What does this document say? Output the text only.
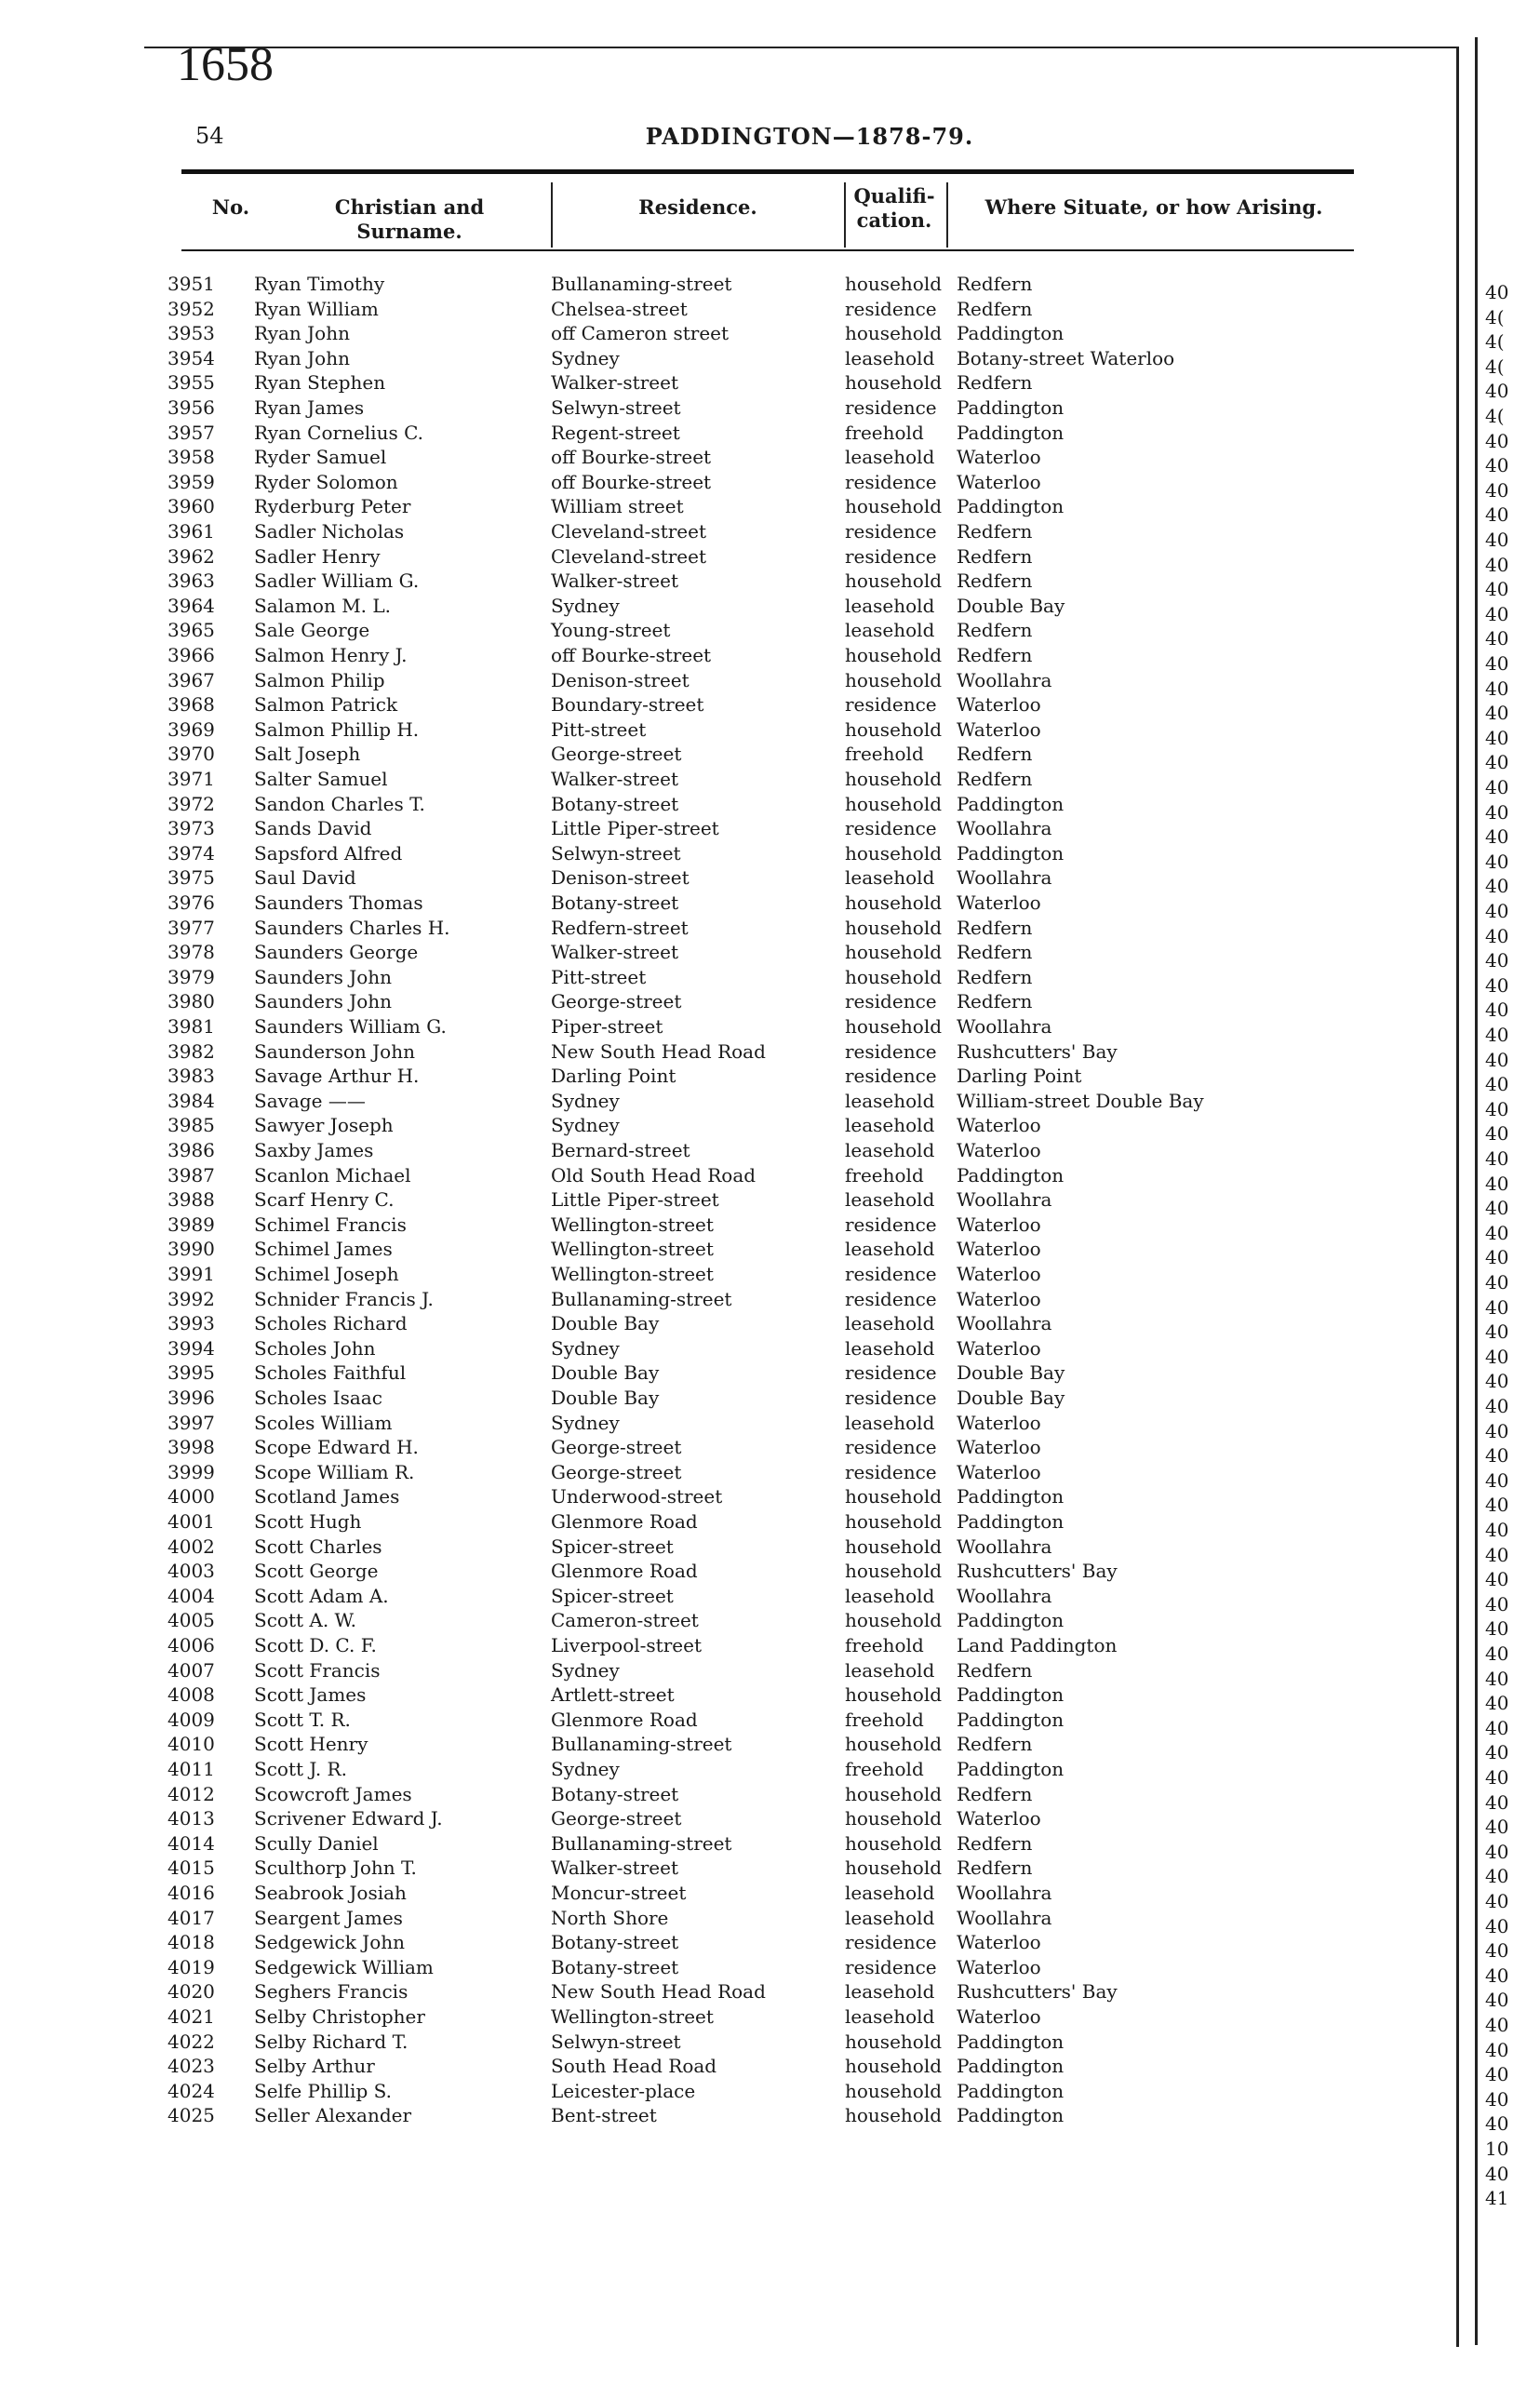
1658
40
4(
4(
4(
40
4(
40
40
40
40
40
40
40
40
40
40
40
40
40
40
40
40
40
40
40
40
40
40
40
40
40
40
40
40
40
40
40
40
40
40
40
40
40
40
40
40
40
40
40
40
40
40
40
40
40
40
40
40
40
40
40
40
40
40
40
40
40
40
40
40
40
40
40
40
40
10
40
41
54	PADDINGTON—1878-79.
No.	Christian and Surname.
Residence.	Qualifi-cation.
Where Situate, or how Arising.
3951 Ryan Timothy	Bullanaming-street	household Redfern
3952 Ryan William	Chelsea-street	residence Redfern
3953 Ryan John	off Cameron street	household Paddington
3954 Ryan John	Sydney	leasehold Botany-street Waterloo
3955 Ryan Stephen	Walker-street	household Redfern
3956 Ryan James	Selwyn-street	residence Paddington
3957 Ryan Cornelius C.	Regent-street	freehold Paddington
3958 Ryder Samuel	off Bourke-street	leasehold Waterloo
3959 Ryder Solomon	off Bourke-street	residence Waterloo
3960 Ryderburg Peter	William street	household Paddington
3961 Sadler Nicholas	Cleveland-street	residence Redfern
3962 Sadler Henry	Cleveland-street	residence Redfern
3963 Sadler William G.	Walker-street	household Redfern
3964 Salamon M. L.	Sydney	leasehold Double Bay
3965 Sale George	Young-street	leasehold Redfern
3966 Salmon Henry J.	off Bourke-street	household Redfern
3967 Salmon Philip	Denison-street	household Woollahra
3968 Salmon Patrick	Boundary-street	residence Waterloo
3969 Salmon Phillip H.	Pitt-street	household Waterloo
3970 Salt Joseph	George-street	freehold Redfern
3971 Salter Samuel	Walker-street	household Redfern
3972 Sandon Charles T.	Botany-street	household Paddington
3973 Sands David	Little Piper-street	residence Woollahra
3974 Sapsford Alfred	Selwyn-street	household Paddington
3975 Saul David	Denison-street	leasehold Woollahra
3976 Saunders Thomas	Botany-street	household Waterloo
3977 Saunders Charles H.	Redfern-street	household Redfern
3978 Saunders George	Walker-street	household Redfern
3979 Saunders John	Pitt-street	household Redfern
3980 Saunders John	George-street	residence Redfern
3981 Saunders William G.	Piper-street	household Woollahra
3982 Saunderson John	New South Head Road	residence Rushcutters' Bay
3983 Savage Arthur H.	Darling Point	residence Darling Point
3984 Savage ——	Sydney	leasehold William-street Double Bay
3985 Sawyer Joseph	Sydney	leasehold Waterloo
3986 Saxby James	Bernard-street	leasehold Waterloo
3987 Scanlon Michael	Old South Head Road	freehold Paddington
3988 Scarf Henry C.	Little Piper-street	leasehold Woollahra
3989 Schimel Francis	Wellington-street	residence Waterloo
3990 Schimel James	Wellington-street	leasehold Waterloo
3991 Schimel Joseph	Wellington-street	residence Waterloo
3992 Schnider Francis J.	Bullanaming-street	residence Waterloo
3993 Scholes Richard	Double Bay	leasehold Woollahra
3994 Scholes John	Sydney	leasehold Waterloo
3995 Scholes Faithful	Double Bay	residence Double Bay
3996 Scholes Isaac	Double Bay	residence Double Bay
3997 Scoles William	Sydney	leasehold Waterloo
3998 Scope Edward H.	George-street	residence Waterloo
3999 Scope William R.	George-street	residence Waterloo
4000 Scotland James	Underwood-street	household Paddington
4001 Scott Hugh	Glenmore Road	household Paddington
4002 Scott Charles	Spicer-street	household Woollahra
4003 Scott George	Glenmore Road	household Rushcutters' Bay
4004 Scott Adam A.	Spicer-street	leasehold Woollahra
4005 Scott A. W.	Cameron-street	household Paddington
4006 Scott D. C. F.	Liverpool-street	freehold Land Paddington
4007 Scott Francis	Sydney	leasehold Redfern
4008 Scott James	Artlett-street	household Paddington
4009 Scott T. R.	Glenmore Road	freehold Paddington
4010 Scott Henry	Bullanaming-street	household Redfern
4011 Scott J. R.	Sydney	freehold Paddington
4012 Scowcroft James	Botany-street	household Redfern
4013 Scrivener Edward J.	George-street	household Waterloo
4014 Scully Daniel	Bullanaming-street	household Redfern
4015 Sculthorp John T.	Walker-street	household Redfern
4016 Seabrook Josiah	Moncur-street	leasehold Woollahra
4017 Seargent James	North Shore	leasehold Woollahra
4018 Sedgewick John	Botany-street	residence Waterloo
4019 Sedgewick William	Botany-street	residence Waterloo
4020 Seghers Francis	New South Head Road	leasehold Rushcutters' Bay
4021 Selby Christopher	Wellington-street	leasehold Waterloo
4022 Selby Richard T.	Selwyn-street	household Paddington
4023 Selby Arthur	South Head Road	household Paddington
4024 Selfe Phillip S.	Leicester-place	household Paddington
4025 Seller Alexander	Bent-street	household Paddington
